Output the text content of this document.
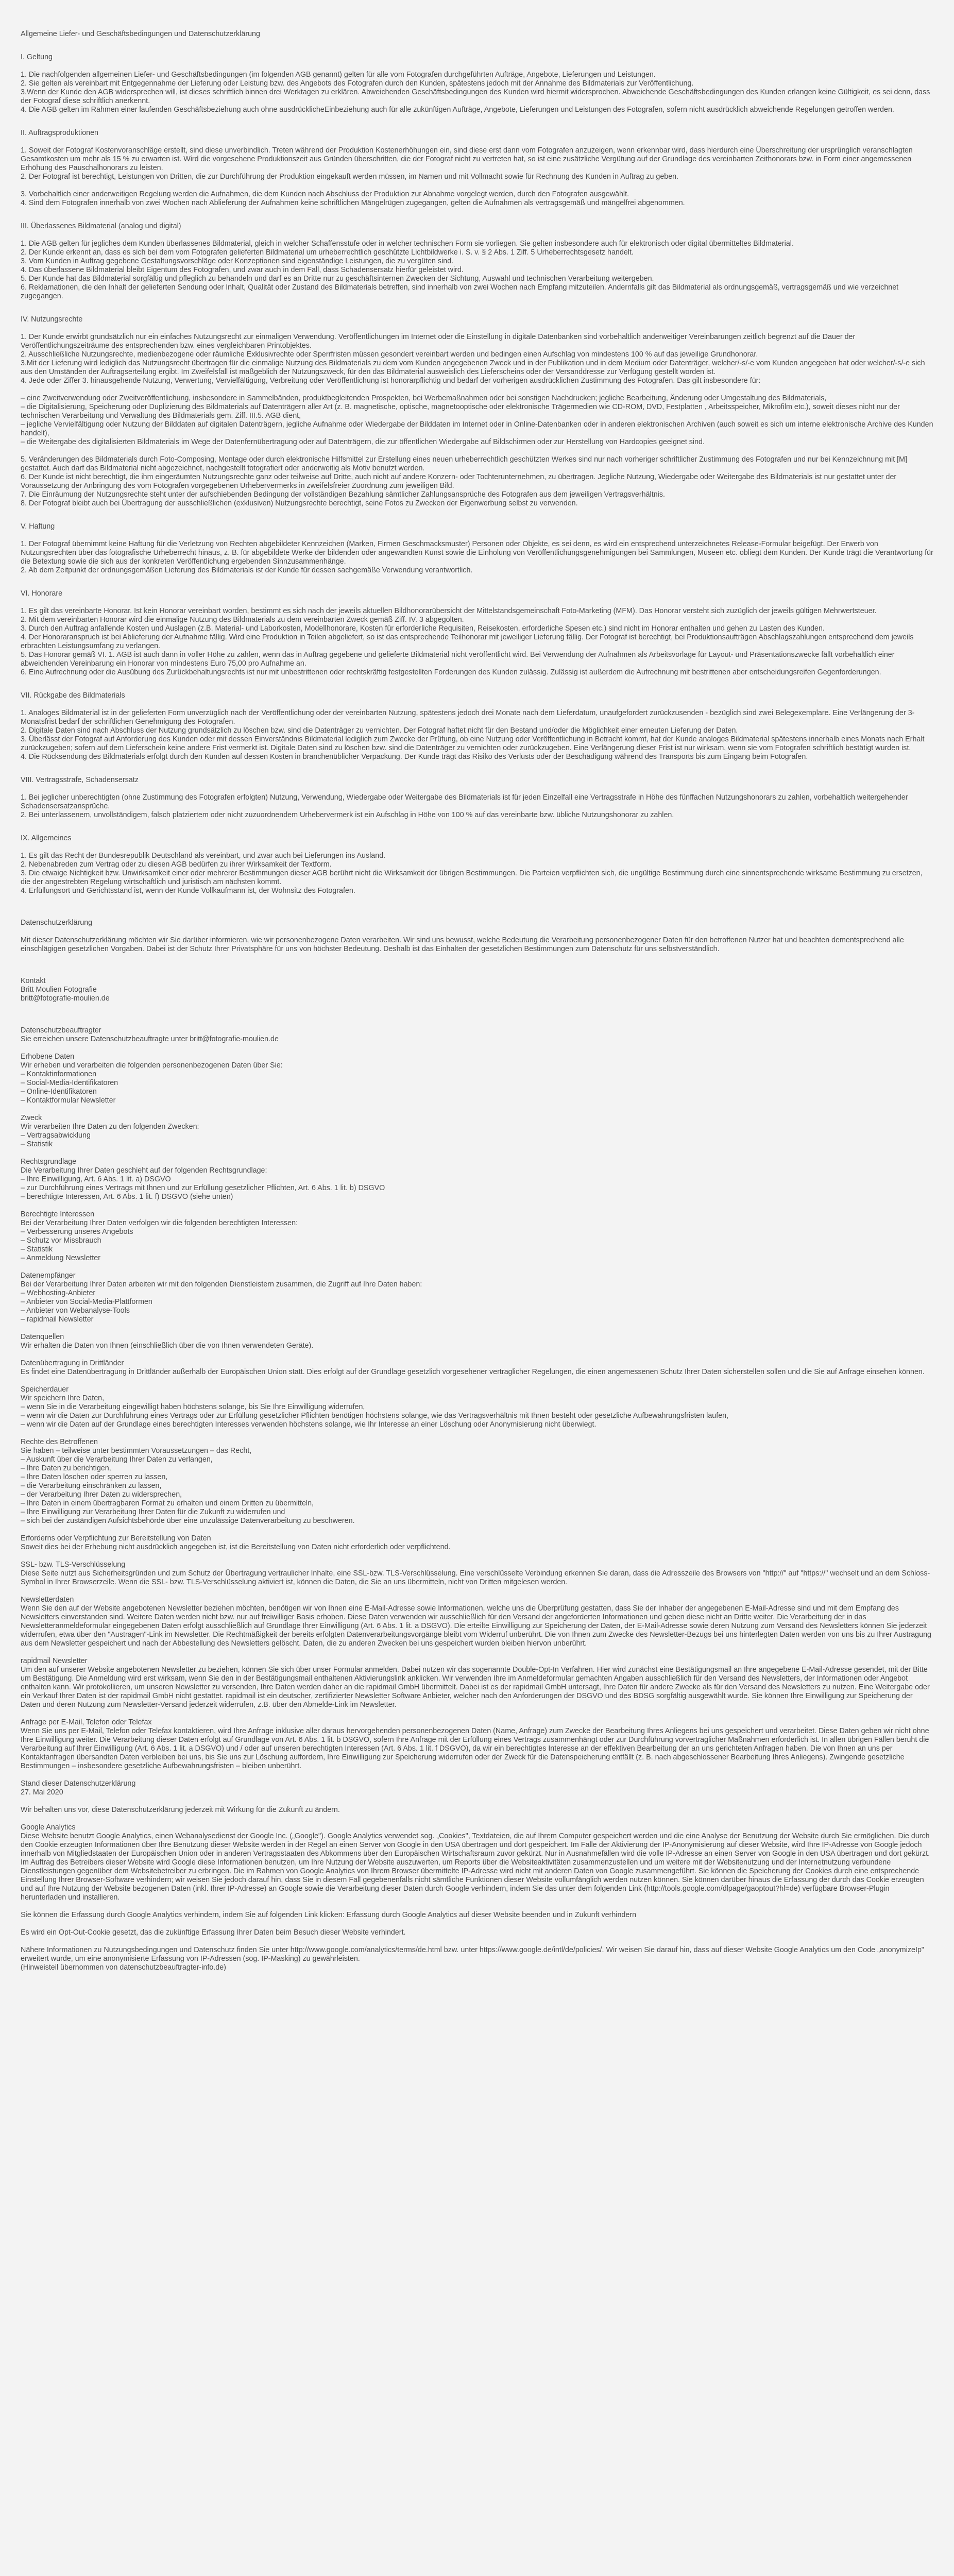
Allgemeine Liefer- und Geschäftsbedingungen und Datenschutzerklärung
I. Geltung
1. Die nachfolgenden allgemeinen Liefer- und Geschäftsbedingungen (im folgenden AGB genannt) gelten für alle vom Fotografen durchgeführten Aufträge, Angebote, Lieferungen und Leistungen.
2. Sie gelten als vereinbart mit Entgegennahme der Lieferung oder Leistung bzw. des Angebots des Fotografen durch den Kunden, spätestens jedoch mit der Annahme des Bildmaterials zur Veröffentlichung.
3.Wenn der Kunde den AGB widersprechen will, ist dieses schriftlich binnen drei Werktagen zu erklären. Abweichenden Geschäftsbedingungen des Kunden wird hiermit widersprochen. Abweichende Geschäftsbedingungen des Kunden erlangen keine Gültigkeit, es sei denn, dass der Fotograf diese schriftlich anerkennt.
4. Die AGB gelten im Rahmen einer laufenden Geschäftsbeziehung auch ohne ausdrücklicheEinbeziehung auch für alle zukünftigen Aufträge, Angebote, Lieferungen und Leistungen des Fotografen, sofern nicht ausdrücklich abweichende Regelungen getroffen werden.
II. Auftragsproduktionen
1. Soweit der Fotograf Kostenvoranschläge erstellt, sind diese unverbindlich. Treten während der Produktion Kostenerhöhungen ein, sind diese erst dann vom Fotografen anzuzeigen, wenn erkennbar wird, dass hierdurch eine Überschreitung der ursprünglich veranschlagten Gesamtkosten um mehr als 15 % zu erwarten ist. Wird die vorgesehene Produktionszeit aus Gründen überschritten, die der Fotograf nicht zu vertreten hat, so ist eine zusätzliche Vergütung auf der Grundlage des vereinbarten Zeithonorars bzw. in Form einer angemessenen Erhöhung des Pauschalhonorars zu leisten.
2. Der Fotograf ist berechtigt, Leistungen von Dritten, die zur Durchführung der Produktion eingekauft werden müssen, im Namen und mit Vollmacht sowie für Rechnung des Kunden in Auftrag zu geben.
3. Vorbehaltlich einer anderweitigen Regelung werden die Aufnahmen, die dem Kunden nach Abschluss der Produktion zur Abnahme vorgelegt werden, durch den Fotografen ausgewählt.
4. Sind dem Fotografen innerhalb von zwei Wochen nach Ablieferung der Aufnahmen keine schriftlichen Mängelrügen zugegangen, gelten die Aufnahmen als vertragsgemäß und mängelfrei abgenommen.
III. Überlassenes Bildmaterial (analog und digital)
1. Die AGB gelten für jegliches dem Kunden überlassenes Bildmaterial, gleich in welcher Schaffensstufe oder in welcher technischen Form sie vorliegen. Sie gelten insbesondere auch für elektronisch oder digital übermitteltes Bildmaterial.
2. Der Kunde erkennt an, dass es sich bei dem vom Fotografen gelieferten Bildmaterial um urheberrechtlich geschützte Lichtbildwerke i. S. v. § 2 Abs. 1 Ziff. 5 Urheberrechtsgesetz handelt.
3. Vom Kunden in Auftrag gegebene Gestaltungsvorschläge oder Konzeptionen sind eigenständige Leistungen, die zu vergüten sind.
4. Das überlassene Bildmaterial bleibt Eigentum des Fotografen, und zwar auch in dem Fall, dass Schadensersatz hierfür geleistet wird.
5. Der Kunde hat das Bildmaterial sorgfältig und pfleglich zu behandeln und darf es an Dritte nur zu geschäftsinternen Zwecken der Sichtung, Auswahl und technischen Verarbeitung weitergeben.
6. Reklamationen, die den Inhalt der gelieferten Sendung oder Inhalt, Qualität oder Zustand des Bildmaterials betreffen, sind innerhalb von zwei Wochen nach Empfang mitzuteilen. Andernfalls gilt das Bildmaterial als ordnungsgemäß, vertragsgemäß und wie verzeichnet zugegangen.
IV. Nutzungsrechte
1. Der Kunde erwirbt grundsätzlich nur ein einfaches Nutzungsrecht zur einmaligen Verwendung. Veröffentlichungen im Internet oder die Einstellung in digitale Datenbanken sind vorbehaltlich anderweitiger Vereinbarungen zeitlich begrenzt auf die Dauer der Veröffentlichungszeiträume des entsprechenden bzw. eines vergleichbaren Printobjektes.
2. Ausschließliche Nutzungsrechte, medienbezogene oder räumliche Exklusivrechte oder Sperrfristen müssen gesondert vereinbart werden und bedingen einen Aufschlag von mindestens 100 % auf das jeweilige Grundhonorar.
3.Mit der Lieferung wird lediglich das Nutzungsrecht übertragen für die einmalige Nutzung des Bildmaterials zu dem vom Kunden angegebenen Zweck und in der Publikation und in dem Medium oder Datenträger, welcher/-s/-e vom Kunden angegeben hat oder welcher/-s/-e sich aus den Umständen der Auftragserteilung ergibt. Im Zweifelsfall ist maßgeblich der Nutzungszweck, für den das Bildmaterial ausweislich des Lieferscheins oder der Versanddresse zur Verfügung gestellt worden ist.
4. Jede oder Ziffer 3. hinausgehende Nutzung, Verwertung, Vervielfältigung, Verbreitung oder Veröffentlichung ist honorarpflichtig und bedarf der vorherigen ausdrücklichen Zustimmung des Fotografen. Das gilt insbesondere für:
– eine Zweitverwendung oder Zweitveröffentlichung, insbesondere in Sammelbänden, produktbegleitenden Prospekten, bei Werbemaßnahmen oder bei sonstigen Nachdrucken; jegliche Bearbeitung, Änderung oder Umgestaltung des Bildmaterials,
– die Digitalisierung, Speicherung oder Duplizierung des Bildmaterials auf Datenträgern aller Art (z. B. magnetische, optische, magnetooptische oder elektronische Trägermedien wie CD-ROM, DVD, Festplatten , Arbeitsspeicher, Mikrofilm etc.), soweit dieses nicht nur der technischen Verarbeitung und Verwaltung des Bildmaterials gem. Ziff. III.5. AGB dient,
– jegliche Vervielfältigung oder Nutzung der Bilddaten auf digitalen Datenträgern, jegliche Aufnahme oder Wiedergabe der Bilddaten im Internet oder in Online-Datenbanken oder in anderen elektronischen Archiven (auch soweit es sich um interne elektronische Archive des Kunden handelt),
– die Weitergabe des digitalisierten Bildmaterials im Wege der Datenfernübertragung oder auf Datenträgern, die zur öffentlichen Wiedergabe auf Bildschirmen oder zur Herstellung von Hardcopies geeignet sind.
5. Veränderungen des Bildmaterials durch Foto-Composing, Montage oder durch elektronische Hilfsmittel zur Erstellung eines neuen urheberrechtlich geschützten Werkes sind nur nach vorheriger schriftlicher Zustimmung des Fotografen und nur bei Kennzeichnung mit [M] gestattet. Auch darf das Bildmaterial nicht abgezeichnet, nachgestellt fotografiert oder anderweitig als Motiv benutzt werden.
6. Der Kunde ist nicht berechtigt, die ihm eingeräumten Nutzungsrechte ganz oder teilweise auf Dritte, auch nicht auf andere Konzern- oder Tochterunternehmen, zu übertragen. Jegliche Nutzung, Wiedergabe oder Weitergabe des Bildmaterials ist nur gestattet unter der Voraussetzung der Anbringung des vom Fotografen vorgegebenen Urhebervermerks in zweifelsfreier Zuordnung zum jeweiligen Bild.
7. Die Einräumung der Nutzungsrechte steht unter der aufschiebenden Bedingung der vollständigen Bezahlung sämtlicher Zahlungsansprüche des Fotografen aus dem jeweiligen Vertragsverhältnis.
8. Der Fotograf bleibt auch bei Übertragung der ausschließlichen (exklusiven) Nutzungsrechte berechtigt, seine Fotos zu Zwecken der Eigenwerbung selbst zu verwenden.
V. Haftung
1. Der Fotograf übernimmt keine Haftung für die Verletzung von Rechten abgebildeter Kennzeichen (Marken, Firmen Geschmacksmuster) Personen oder Objekte, es sei denn, es wird ein entsprechend unterzeichnetes Release-Formular beigefügt. Der Erwerb von Nutzungsrechten über das fotografische Urheberrecht hinaus, z. B. für abgebildete Werke der bildenden oder angewandten Kunst sowie die Einholung von Veröffentlichungsgenehmigungen bei Sammlungen, Museen etc. obliegt dem Kunden. Der Kunde trägt die Verantwortung für die Betextung sowie die sich aus der konkreten Veröffentlichung ergebenden Sinnzusammenhänge.
2. Ab dem Zeitpunkt der ordnungsgemäßen Lieferung des Bildmaterials ist der Kunde für dessen sachgemäße Verwendung verantwortlich.
VI. Honorare
1. Es gilt das vereinbarte Honorar. Ist kein Honorar vereinbart worden, bestimmt es sich nach der jeweils aktuellen Bildhonorarübersicht der Mittelstandsgemeinschaft Foto-Marketing (MFM). Das Honorar versteht sich zuzüglich der jeweils gültigen Mehrwertsteuer.
2. Mit dem vereinbarten Honorar wird die einmalige Nutzung des Bildmaterials zu dem vereinbarten Zweck gemäß Ziff. IV. 3 abgegolten.
3. Durch den Auftrag anfallende Kosten und Auslagen (z.B. Material- und Laborkosten, Modellhonorare, Kosten für erforderliche Requisiten, Reisekosten, erforderliche Spesen etc.) sind nicht im Honorar enthalten und gehen zu Lasten des Kunden.
4. Der Honoraranspruch ist bei Ablieferung der Aufnahme fällig. Wird eine Produktion in Teilen abgeliefert, so ist das entsprechende Teilhonorar mit jeweiliger Lieferung fällig. Der Fotograf ist berechtigt, bei Produktionsaufträgen Abschlagszahlungen entsprechend dem jeweils erbrachten Leistungsumfang zu verlangen.
5. Das Honorar gemäß VI. 1. AGB ist auch dann in voller Höhe zu zahlen, wenn das in Auftrag gegebene und gelieferte Bildmaterial nicht veröffentlicht wird. Bei Verwendung der Aufnahmen als Arbeitsvorlage für Layout- und Präsentationszwecke fällt vorbehaltlich einer abweichenden Vereinbarung ein Honorar von mindestens Euro 75,00 pro Aufnahme an.
6. Eine Aufrechnung oder die Ausübung des Zurückbehaltungsrechts ist nur mit unbestrittenen oder rechtskräftig festgestellten Forderungen des Kunden zulässig. Zulässig ist außerdem die Aufrechnung mit bestrittenen aber entscheidungsreifen Gegenforderungen.
VII. Rückgabe des Bildmaterials
1. Analoges Bildmaterial ist in der gelieferten Form unverzüglich nach der Veröffentlichung oder der vereinbarten Nutzung, spätestens jedoch drei Monate nach dem Lieferdatum, unaufgefordert zurückzusenden - bezüglich sind zwei Belegexemplare. Eine Verlängerung der 3-Monatsfrist bedarf der schriftlichen Genehmigung des Fotografen.
2. Digitale Daten sind nach Abschluss der Nutzung grundsätzlich zu löschen bzw. sind die Datenträger zu vernichten. Der Fotograf haftet nicht für den Bestand und/oder die Möglichkeit einer erneuten Lieferung der Daten.
3. Überlässt der Fotograf auf Anforderung des Kunden oder mit dessen Einverständnis Bildmaterial lediglich zum Zwecke der Prüfung, ob eine Nutzung oder Veröffentlichung in Betracht kommt, hat der Kunde analoges Bildmaterial spätestens innerhalb eines Monats nach Erhalt zurückzugeben; sofern auf dem Lieferschein keine andere Frist vermerkt ist. Digitale Daten sind zu löschen bzw. sind die Datenträger zu vernichten oder zurückzugeben. Eine Verlängerung dieser Frist ist nur wirksam, wenn sie vom Fotografen schriftlich bestätigt wurden ist.
4. Die Rücksendung des Bildmaterials erfolgt durch den Kunden auf dessen Kosten in branchenüblicher Verpackung. Der Kunde trägt das Risiko des Verlusts oder der Beschädigung während des Transports bis zum Eingang beim Fotografen.
VIII. Vertragsstrafe, Schadensersatz
1. Bei jeglicher unberechtigten (ohne Zustimmung des Fotografen erfolgten) Nutzung, Verwendung, Wiedergabe oder Weitergabe des Bildmaterials ist für jeden Einzelfall eine Vertragsstrafe in Höhe des fünffachen Nutzungshonorars zu zahlen, vorbehaltlich weitergehender Schadensersatzansprüche.
2. Bei unterlassenem, unvollständigem, falsch platziertem oder nicht zuzuordnendem Urhebervermerk ist ein Aufschlag in Höhe von 100 % auf das vereinbarte bzw. übliche Nutzungshonorar zu zahlen.
IX. Allgemeines
1. Es gilt das Recht der Bundesrepublik Deutschland als vereinbart, und zwar auch bei Lieferungen ins Ausland.
2. Nebenabreden zum Vertrag oder zu diesen AGB bedürfen zu ihrer Wirksamkeit der Textform.
3. Die etwaige Nichtigkeit bzw. Unwirksamkeit einer oder mehrerer Bestimmungen dieser AGB berührt nicht die Wirksamkeit der übrigen Bestimmungen. Die Parteien verpflichten sich, die ungültige Bestimmung durch eine sinnentsprechende wirksame Bestimmung zu ersetzen, die der angestrebten Regelung wirtschaftlich und juristisch am nächsten kommt.
4. Erfüllungsort und Gerichtsstand ist, wenn der Kunde Vollkaufmann ist, der Wohnsitz des Fotografen.
Datenschutzerklärung
Mit dieser Datenschutzerklärung möchten wir Sie darüber informieren, wie wir personenbezogene Daten verarbeiten. Wir sind uns bewusst, welche Bedeutung die Verarbeitung personenbezogener Daten für den betroffenen Nutzer hat und beachten dementsprechend alle einschlägigen gesetzlichen Vorgaben. Dabei ist der Schutz Ihrer Privatsphäre für uns von höchster Bedeutung. Deshalb ist das Einhalten der gesetzlichen Bestimmungen zum Datenschutz für uns selbstverständlich.
Kontakt
Britt Moulien Fotografie
britt@fotografie-moulien.de
Datenschutzbeauftragter
Sie erreichen unsere Datenschutzbeauftragte unter britt@fotografie-moulien.de
Erhobene Daten
Wir erheben und verarbeiten die folgenden personenbezogenen Daten über Sie:
– Kontaktinformationen
– Social-Media-Identifikatoren
– Online-Identifikatoren
– Kontaktformular Newsletter
Zweck
Wir verarbeiten Ihre Daten zu den folgenden Zwecken:
– Vertragsabwicklung
– Statistik
Rechtsgrundlage
Die Verarbeitung Ihrer Daten geschieht auf der folgenden Rechtsgrundlage:
– Ihre Einwilligung, Art. 6 Abs. 1 lit. a) DSGVO
– zur Durchführung eines Vertrags mit Ihnen und zur Erfüllung gesetzlicher Pflichten, Art. 6 Abs. 1 lit. b) DSGVO
– berechtigte Interessen, Art. 6 Abs. 1 lit. f) DSGVO (siehe unten)
Berechtigte Interessen
Bei der Verarbeitung Ihrer Daten verfolgen wir die folgenden berechtigten Interessen:
– Verbesserung unseres Angebots
– Schutz vor Missbrauch
– Statistik
– Anmeldung Newsletter
Datenempfänger
Bei der Verarbeitung Ihrer Daten arbeiten wir mit den folgenden Dienstleistern zusammen, die Zugriff auf Ihre Daten haben:
– Webhosting-Anbieter
– Anbieter von Social-Media-Plattformen
– Anbieter von Webanalyse-Tools
– rapidmail Newsletter
Datenquellen
Wir erhalten die Daten von Ihnen (einschließlich über die von Ihnen verwendeten Geräte).
Datenübertragung in Drittländer
Es findet eine Datenübertragung in Drittländer außerhalb der Europäischen Union statt. Dies erfolgt auf der Grundlage gesetzlich vorgesehener vertraglicher Regelungen, die einen angemessenen Schutz Ihrer Daten sicherstellen sollen und die Sie auf Anfrage einsehen können.
Speicherdauer
Wir speichern Ihre Daten,
– wenn Sie in die Verarbeitung eingewilligt haben höchstens solange, bis Sie Ihre Einwilligung widerrufen,
– wenn wir die Daten zur Durchführung eines Vertrags oder zur Erfüllung gesetzlicher Pflichten benötigen höchstens solange, wie das Vertragsverhältnis mit Ihnen besteht oder gesetzliche Aufbewahrungsfristen laufen,
– wenn wir die Daten auf der Grundlage eines berechtigten Interesses verwenden höchstens solange, wie Ihr Interesse an einer Löschung oder Anonymisierung nicht überwiegt.
Rechte des Betroffenen
Sie haben – teilweise unter bestimmten Voraussetzungen – das Recht,
– Auskunft über die Verarbeitung Ihrer Daten zu verlangen,
– Ihre Daten zu berichtigen,
– Ihre Daten löschen oder sperren zu lassen,
– die Verarbeitung einschränken zu lassen,
– der Verarbeitung Ihrer Daten zu widersprechen,
– Ihre Daten in einem übertragbaren Format zu erhalten und einem Dritten zu übermitteln,
– Ihre Einwilligung zur Verarbeitung Ihrer Daten für die Zukunft zu widerrufen und
– sich bei der zuständigen Aufsichtsbehörde über eine unzulässige Datenverarbeitung zu beschweren.
Erforderns oder Verpflichtung zur Bereitstellung von Daten
Soweit dies bei der Erhebung nicht ausdrücklich angegeben ist, ist die Bereitstellung von Daten nicht erforderlich oder verpflichtend.
SSL- bzw. TLS-Verschlüsselung
Diese Seite nutzt aus Sicherheitsgründen und zum Schutz der Übertragung vertraulicher Inhalte, eine SSL-bzw. TLS-Verschlüsselung. Eine verschlüsselte Verbindung erkennen Sie daran, dass die Adresszeile des Browsers von "http://" auf "https://" wechselt und an dem Schloss-Symbol in Ihrer Browserzeile. Wenn die SSL- bzw. TLS-Verschlüsselung aktiviert ist, können die Daten, die Sie an uns übermitteln, nicht von Dritten mitgelesen werden.
Newsletterdaten
Wenn Sie den auf der Website angebotenen Newsletter beziehen möchten, benötigen wir von Ihnen eine E-Mail-Adresse sowie Informationen, welche uns die Überprüfung gestatten, dass Sie der Inhaber der angegebenen E-Mail-Adresse sind und mit dem Empfang des Newsletters einverstanden sind. Weitere Daten werden nicht bzw. nur auf freiwilliger Basis erhoben. Diese Daten verwenden wir ausschließlich für den Versand der angeforderten Informationen und geben diese nicht an Dritte weiter. Die Verarbeitung der in das Newsletteranmeldeformular eingegebenen Daten erfolgt ausschließlich auf Grundlage Ihrer Einwilligung (Art. 6 Abs. 1 lit. a DSGVO). Die erteilte Einwilligung zur Speicherung der Daten, der E-Mail-Adresse sowie deren Nutzung zum Versand des Newsletters können Sie jederzeit widerrufen, etwa über den "Austragen"-Link im Newsletter. Die Rechtmäßigkeit der bereits erfolgten Datenverarbeitungsvorgänge bleibt vom Widerruf unberührt. Die von Ihnen zum Zwecke des Newsletter-Bezugs bei uns hinterlegten Daten werden von uns bis zu Ihrer Austragung aus dem Newsletter gespeichert und nach der Abbestellung des Newsletters gelöscht. Daten, die zu anderen Zwecken bei uns gespeichert wurden bleiben hiervon unberührt.
rapidmail Newsletter
Um den auf unserer Website angebotenen Newsletter zu beziehen, können Sie sich über unser Formular anmelden. Dabei nutzen wir das sogenannte Double-Opt-In Verfahren. Hier wird zunächst eine Bestätigungsmail an Ihre angegebene E-Mail-Adresse gesendet, mit der Bitte um Bestätigung. Die Anmeldung wird erst wirksam, wenn Sie den in der Bestätigungsmail enthaltenen Aktivierungslink anklicken. Wir verwenden Ihre im Anmeldeformular gemachten Angaben ausschließlich für den Versand des Newsletters, der Informationen oder Angebot enthalten kann. Wir protokollieren, um unseren Newsletter zu versenden, Ihre Daten werden daher an die rapidmail GmbH übermittelt. Dabei ist es der rapidmail GmbH untersagt, Ihre Daten für andere Zwecke als für den Versand des Newsletters zu nutzen. Eine Weitergabe oder ein Verkauf Ihrer Daten ist der rapidmail GmbH nicht gestattet. rapidmail ist ein deutscher, zertifizierter Newsletter Software Anbieter, welcher nach den Anforderungen der DSGVO und des BDSG sorgfältig ausgewählt wurde. Sie können Ihre Einwilligung zur Speicherung der Daten und deren Nutzung zum Newsletter-Versand jederzeit widerrufen, z.B. über den Abmelde-Link im Newsletter.
Anfrage per E-Mail, Telefon oder Telefax
Wenn Sie uns per E-Mail, Telefon oder Telefax kontaktieren, wird Ihre Anfrage inklusive aller daraus hervorgehenden personenbezogenen Daten (Name, Anfrage) zum Zwecke der Bearbeitung Ihres Anliegens bei uns gespeichert und verarbeitet. Diese Daten geben wir nicht ohne Ihre Einwilligung weiter. Die Verarbeitung dieser Daten erfolgt auf Grundlage von Art. 6 Abs. 1 lit. b DSGVO, sofern Ihre Anfrage mit der Erfüllung eines Vertrags zusammenhängt oder zur Durchführung vorvertraglicher Maßnahmen erforderlich ist. In allen übrigen Fällen beruht die Verarbeitung auf Ihrer Einwilligung (Art. 6 Abs. 1 lit. a DSGVO) und / oder auf unseren berechtigten Interessen (Art. 6 Abs. 1 lit. f DSGVO), da wir ein berechtigtes Interesse an der effektiven Bearbeitung der an uns gerichteten Anfragen haben. Die von Ihnen an uns per Kontaktanfragen übersandten Daten verbleiben bei uns, bis Sie uns zur Löschung auffordern, Ihre Einwilligung zur Speicherung widerrufen oder der Zweck für die Datenspeicherung entfällt (z. B. nach abgeschlossener Bearbeitung Ihres Anliegens). Zwingende gesetzliche Bestimmungen – insbesondere gesetzliche Aufbewahrungsfristen – bleiben unberührt.
Stand dieser Datenschutzerklärung
27. Mai 2020
Wir behalten uns vor, diese Datenschutzerklärung jederzeit mit Wirkung für die Zukunft zu ändern.
Google Analytics
Diese Website benutzt Google Analytics, einen Webanalysedienst der Google Inc. („Google"). Google Analytics verwendet sog. „Cookies", Textdateien, die auf Ihrem Computer gespeichert werden und die eine Analyse der Benutzung der Website durch Sie ermöglichen. Die durch den Cookie erzeugten Informationen über Ihre Benutzung dieser Website werden in der Regel an einen Server von Google in den USA übertragen und dort gespeichert. Im Falle der Aktivierung der IP-Anonymisierung auf dieser Website, wird Ihre IP-Adresse von Google jedoch innerhalb von Mitgliedstaaten der Europäischen Union oder in anderen Vertragsstaaten des Abkommens über den Europäischen Wirtschaftsraum zuvor gekürzt. Nur in Ausnahmefällen wird die volle IP-Adresse an einen Server von Google in den USA übertragen und dort gekürzt. Im Auftrag des Betreibers dieser Website wird Google diese Informationen benutzen, um Ihre Nutzung der Website auszuwerten, um Reports über die Websiteaktivitäten zusammenzustellen und um weitere mit der Websitenutzung und der Internetnutzung verbundene Dienstleistungen gegenüber dem Websitebetreiber zu erbringen. Die im Rahmen von Google Analytics von Ihrem Browser übermittelte IP-Adresse wird nicht mit anderen Daten von Google zusammengeführt. Sie können die Speicherung der Cookies durch eine entsprechende Einstellung Ihrer Browser-Software verhindern; wir weisen Sie jedoch darauf hin, dass Sie in diesem Fall gegebenenfalls nicht sämtliche Funktionen dieser Website vollumfänglich werden nutzen können. Sie können darüber hinaus die Erfassung der durch das Cookie erzeugten und auf Ihre Nutzung der Website bezogenen Daten (inkl. Ihrer IP-Adresse) an Google sowie die Verarbeitung dieser Daten durch Google verhindern, indem Sie das unter dem folgenden Link (http://tools.google.com/dlpage/gaoptout?hl=de) verfügbare Browser-Plugin herunterladen und installieren.
Sie können die Erfassung durch Google Analytics verhindern, indem Sie auf folgenden Link klicken: Erfassung durch Google Analytics auf dieser Website beenden und in Zukunft verhindern
Es wird ein Opt-Out-Cookie gesetzt, das die zukünftige Erfassung Ihrer Daten beim Besuch dieser Website verhindert.
Nähere Informationen zu Nutzungsbedingungen und Datenschutz finden Sie unter http://www.google.com/analytics/terms/de.html bzw. unter https://www.google.de/intl/de/policies/. Wir weisen Sie darauf hin, dass auf dieser Website Google Analytics um den Code „anonymizeIp" erweitert wurde, um eine anonymisierte Erfassung von IP-Adressen (sog. IP-Masking) zu gewährleisten.
(Hinweisteil übernommen von datenschutzbeauftragter-info.de)
